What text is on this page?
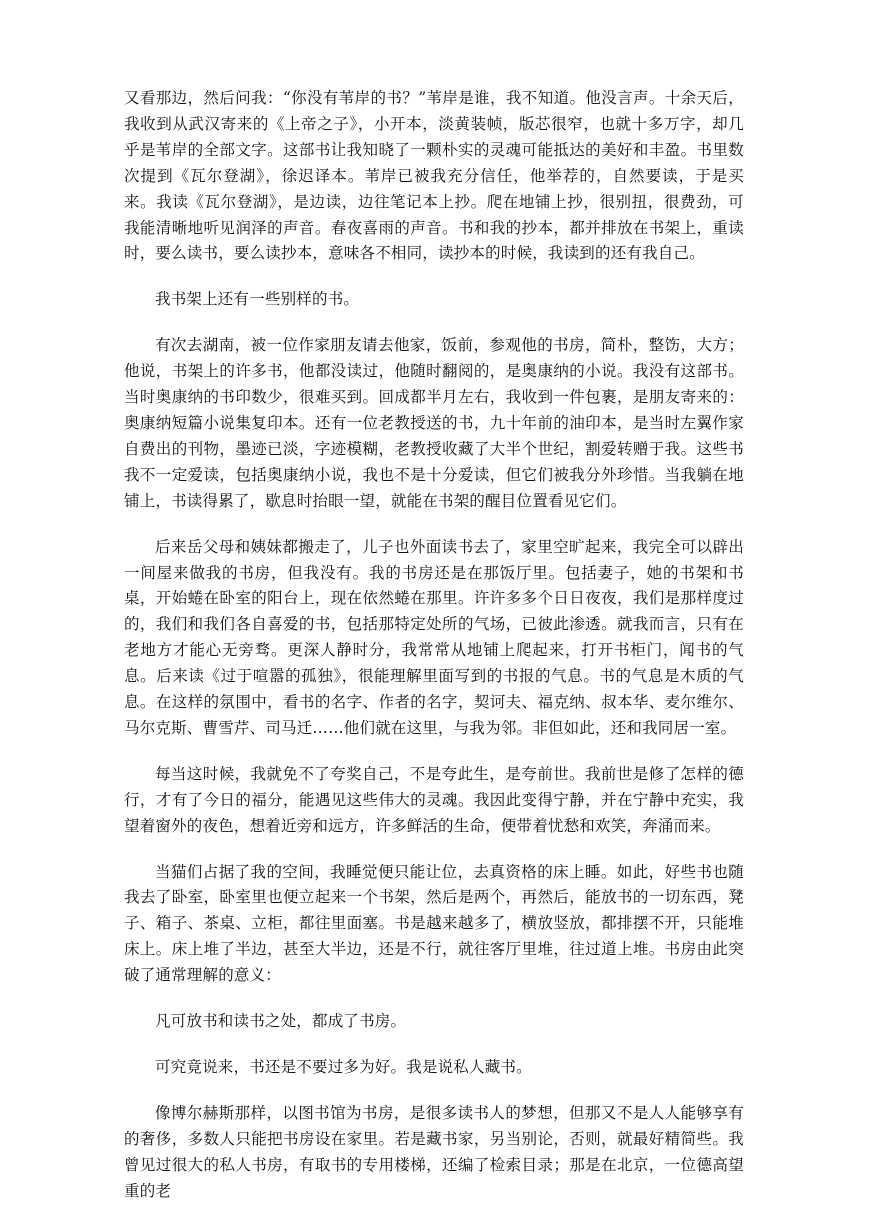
又看那边，然后问我：“你没有苇岸的书？”苇岸是谁，我不知道。他没言声。十余天后，我收到从武汉寄来的《上帝之子》，小开本，淡黄装帧，版芯很窄，也就十多万字，却几乎是苇岸的全部文字。这部书让我知晓了一颗朴实的灵魂可能抵达的美好和丰盈。书里数次提到《瓦尔登湖》，徐迟译本。苇岸已被我充分信任，他举荐的，自然要读，于是买来。我读《瓦尔登湖》，是边读，边往笔记本上抄。爬在地铺上抄，很别扭，很费劲，可我能清晰地听见润泽的声音。春夜喜雨的声音。书和我的抄本，都并排放在书架上，重读时，要么读书，要么读抄本，意味各不相同，读抄本的时候，我读到的还有我自己。

我书架上还有一些别样的书。

有次去湖南，被一位作家朋友请去他家，饭前，参观他的书房，简朴，整饬，大方；他说，书架上的许多书，他都没读过，他随时翻阅的，是奥康纳的小说。我没有这部书。当时奥康纳的书印数少，很难买到。回成都半月左右，我收到一件包裹，是朋友寄来的：奥康纳短篇小说集复印本。还有一位老教授送的书，九十年前的油印本，是当时左翼作家自费出的刊物，墨迹已淡，字迹模糊，老教授收藏了大半个世纪，割爱转赠于我。这些书我不一定爱读，包括奥康纳小说，我也不是十分爱读，但它们被我分外珍惜。当我躺在地铺上，书读得累了，歇息时抬眼一望，就能在书架的醒目位置看见它们。

后来岳父母和姨妹都搬走了，儿子也外面读书去了，家里空旷起来，我完全可以辟出一间屋来做我的书房，但我没有。我的书房还是在那饭厅里。包括妻子，她的书架和书桌，开始蜷在卧室的阳台上，现在依然蜷在那里。许许多多个日日夜夜，我们是那样度过的，我们和我们各自喜爱的书，包括那特定处所的气场，已彼此渗透。就我而言，只有在老地方才能心无旁骛。更深人静时分，我常常从地铺上爬起来，打开书柜门，闻书的气息。后来读《过于喧嚣的孤独》，很能理解里面写到的书报的气息。书的气息是木质的气息。在这样的氛围中，看书的名字、作者的名字，契诃夫、福克纳、叔本华、麦尔维尔、马尔克斯、曹雪芹、司马迁……他们就在这里，与我为邻。非但如此，还和我同居一室。

每当这时候，我就免不了夸奖自己，不是夸此生，是夸前世。我前世是修了怎样的德行，才有了今日的福分，能遇见这些伟大的灵魂。我因此变得宁静，并在宁静中充实，我望着窗外的夜色，想着近旁和远方，许多鲜活的生命，便带着忧愁和欢笑，奔涌而来。

当猫们占据了我的空间，我睡觉便只能让位，去真资格的床上睡。如此，好些书也随我去了卧室，卧室里也便立起来一个书架，然后是两个，再然后，能放书的一切东西，凳子、箱子、茶桌、立柜，都往里面塞。书是越来越多了，横放竖放，都排摆不开，只能堆床上。床上堆了半边，甚至大半边，还是不行，就往客厅里堆，往过道上堆。书房由此突破了通常理解的意义：

凡可放书和读书之处，都成了书房。

可究竟说来，书还是不要过多为好。我是说私人藏书。

像博尔赫斯那样，以图书馆为书房，是很多读书人的梦想，但那又不是人人能够享有的奢侈，多数人只能把书房设在家里。若是藏书家，另当别论，否则，就最好精简些。我曾见过很大的私人书房，有取书的专用楼梯，还编了检索目录；那是在北京，一位德高望重的老
